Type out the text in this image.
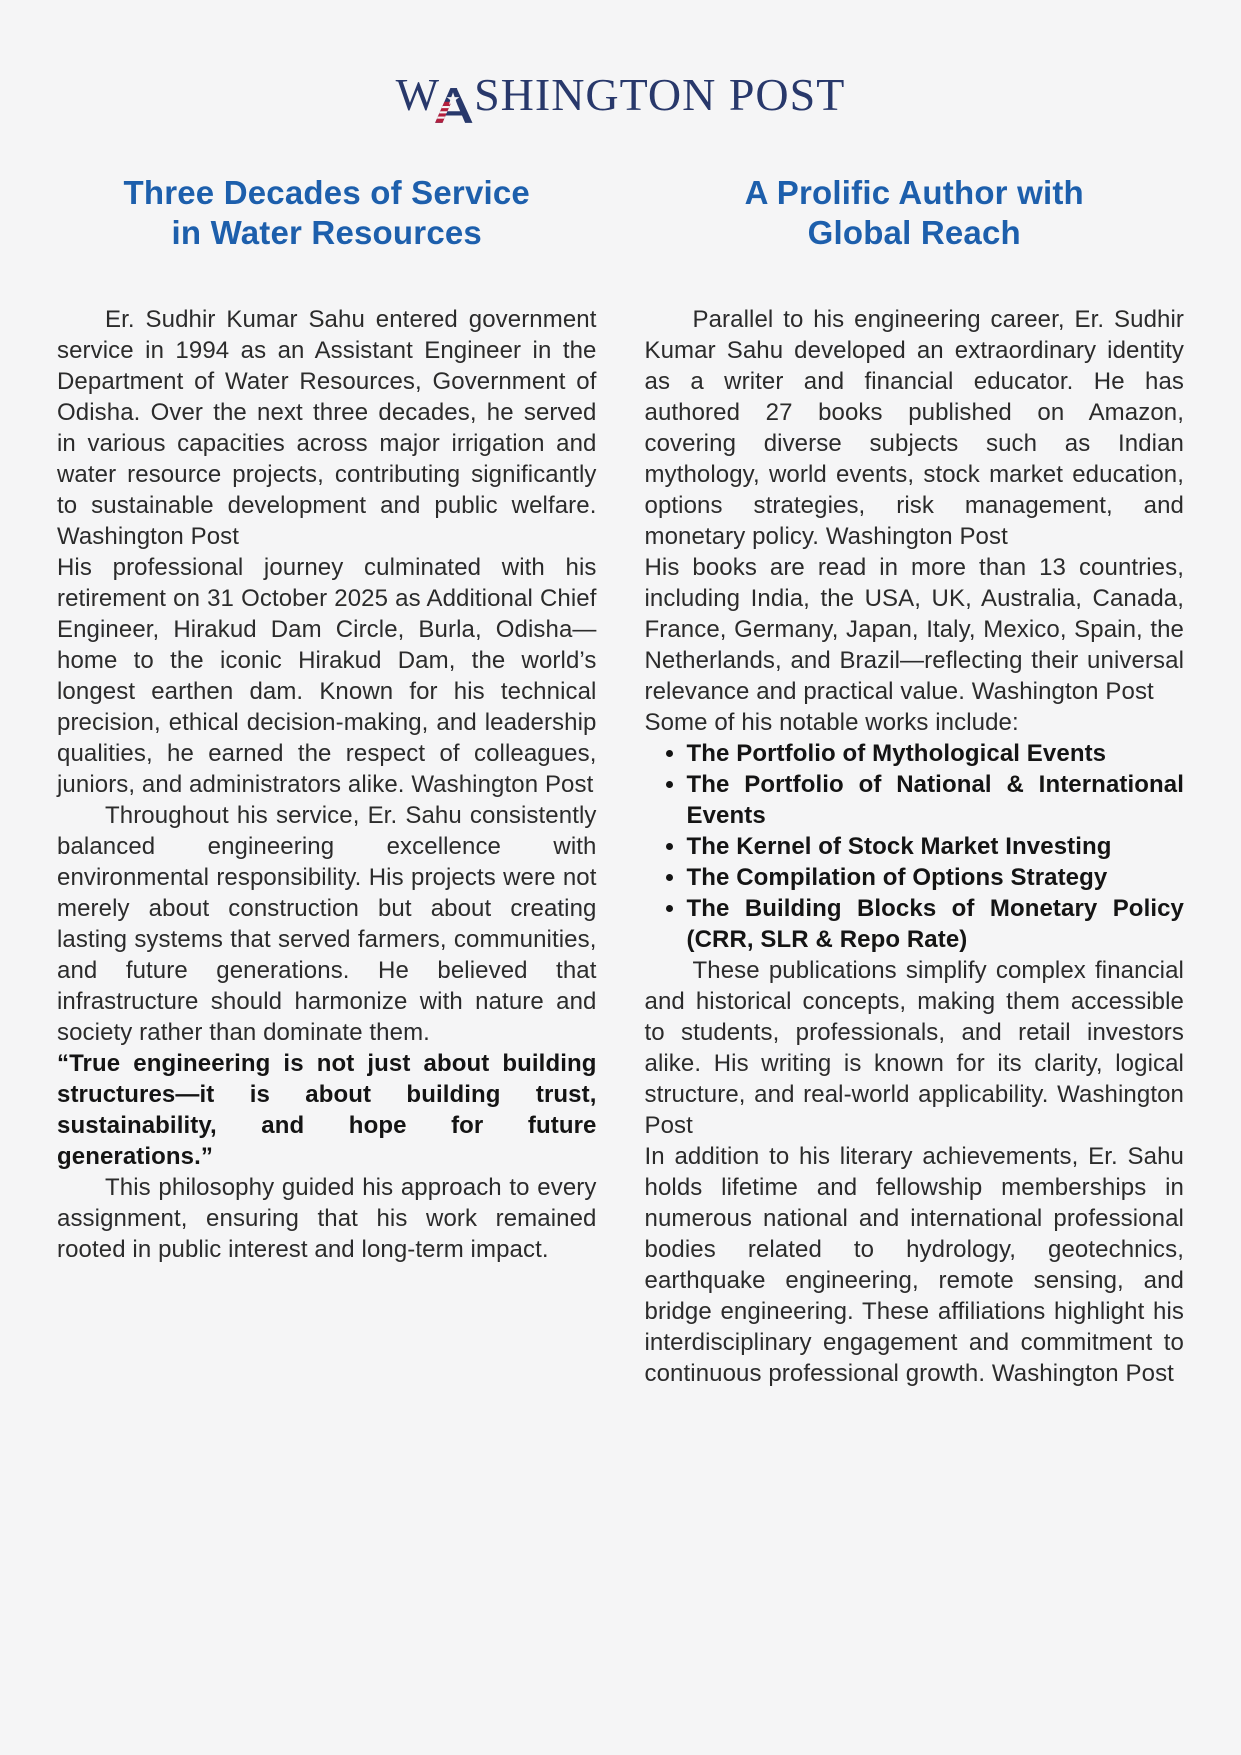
W SHINGTON POST
Three Decades of Service
in Water Resources

Er. Sudhir Kumar Sahu entered government service in 1994 as an Assistant Engineer in the Department of Water Resources, Government of Odisha. Over the next three decades, he served in various capacities across major irrigation and water resource projects, contributing significantly to sustainable development and public welfare. Washington Post

His professional journey culminated with his retirement on 31 October 2025 as Additional Chief Engineer, Hirakud Dam Circle, Burla, Odisha—home to the iconic Hirakud Dam, the world’s longest earthen dam. Known for his technical precision, ethical decision-making, and leadership qualities, he earned the respect of colleagues, juniors, and administrators alike. Washington Post

Throughout his service, Er. Sahu consistently balanced engineering excellence with environmental responsibility. His projects were not merely about construction but about creating lasting systems that served farmers, communities, and future generations. He believed that infrastructure should harmonize with nature and society rather than dominate them.

“True engineering is not just about building structures—it is about building trust, sustainability, and hope for future generations.”

This philosophy guided his approach to every assignment, ensuring that his work remained rooted in public interest and long-term impact.

A Prolific Author with
Global Reach

Parallel to his engineering career, Er. Sudhir Kumar Sahu developed an extraordinary identity as a writer and financial educator. He has authored 27 books published on Amazon, covering diverse subjects such as Indian mythology, world events, stock market education, options strategies, risk management, and monetary policy. Washington Post

His books are read in more than 13 countries, including India, the USA, UK, Australia, Canada, France, Germany, Japan, Italy, Mexico, Spain, the Netherlands, and Brazil—reflecting their universal relevance and practical value. Washington Post

Some of his notable works include:

• The Portfolio of Mythological Events
• The Portfolio of National & International Events
• The Kernel of Stock Market Investing
• The Compilation of Options Strategy
• The Building Blocks of Monetary Policy (CRR, SLR & Repo Rate)

These publications simplify complex financial and historical concepts, making them accessible to students, professionals, and retail investors alike. His writing is known for its clarity, logical structure, and real-world applicability. Washington Post

In addition to his literary achievements, Er. Sahu holds lifetime and fellowship memberships in numerous national and international professional bodies related to hydrology, geotechnics, earthquake engineering, remote sensing, and bridge engineering. These affiliations highlight his interdisciplinary engagement and commitment to continuous professional growth. Washington Post
